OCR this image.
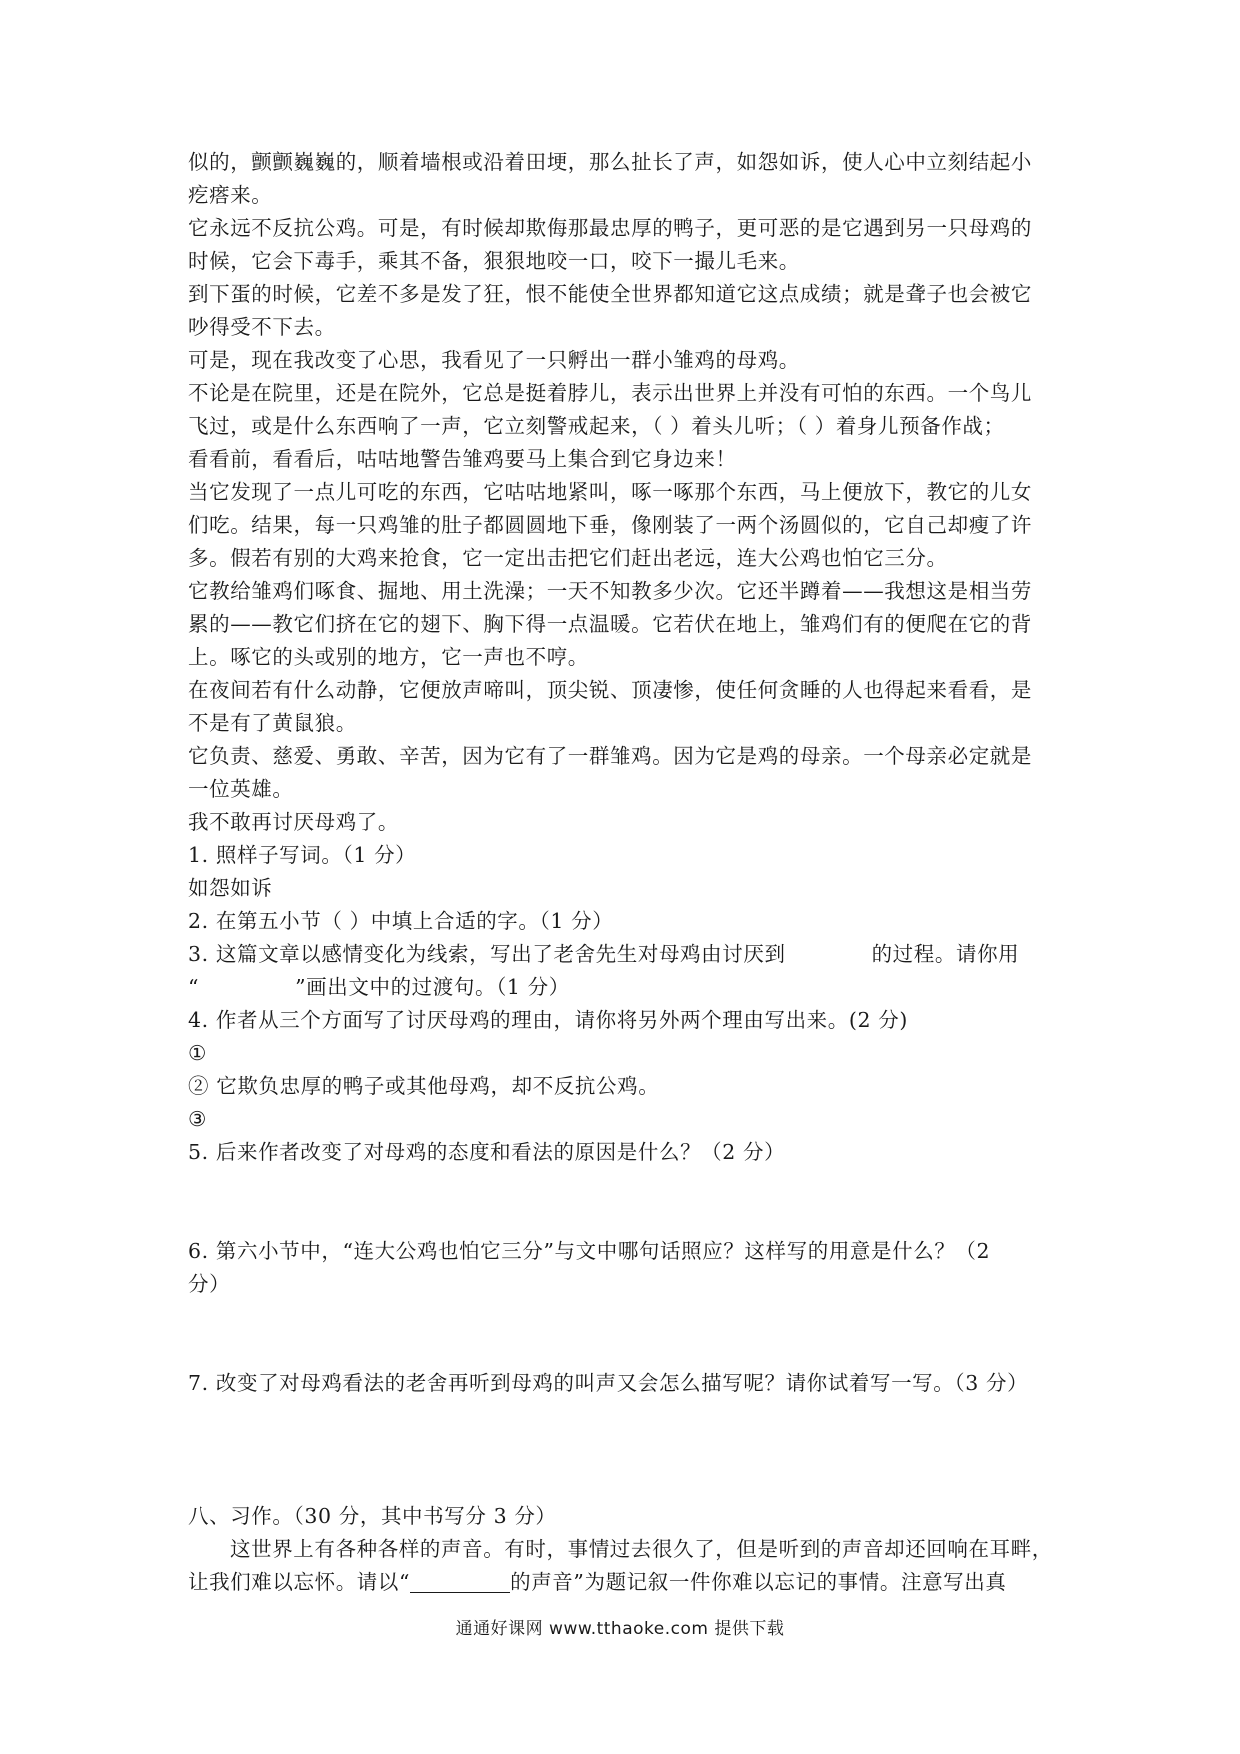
似的，颤颤巍巍的，顺着墙根或沿着田埂，那么扯长了声，如怨如诉，使人心中立刻结起小
疙瘩来。
它永远不反抗公鸡。可是，有时候却欺侮那最忠厚的鸭子，更可恶的是它遇到另一只母鸡的
时候，它会下毒手，乘其不备，狠狠地咬一口，咬下一撮儿毛来。
到下蛋的时候，它差不多是发了狂，恨不能使全世界都知道它这点成绩；就是聋子也会被它
吵得受不下去。
可是，现在我改变了心思，我看见了一只孵出一群小雏鸡的母鸡。
不论是在院里，还是在院外，它总是挺着脖儿，表示出世界上并没有可怕的东西。一个鸟儿
飞过，或是什么东西响了一声，它立刻警戒起来，（ ）着头儿听；（ ）着身儿预备作战；
看看前，看看后，咕咕地警告雏鸡要马上集合到它身边来！
当它发现了一点儿可吃的东西，它咕咕地紧叫，啄一啄那个东西，马上便放下，教它的儿女
们吃。结果，每一只鸡雏的肚子都圆圆地下垂，像刚装了一两个汤圆似的，它自己却瘦了许
多。假若有别的大鸡来抢食，它一定出击把它们赶出老远，连大公鸡也怕它三分。
它教给雏鸡们啄食、掘地、用土洗澡；一天不知教多少次。它还半蹲着——我想这是相当劳
累的——教它们挤在它的翅下、胸下得一点温暖。它若伏在地上，雏鸡们有的便爬在它的背
上。啄它的头或别的地方，它一声也不哼。
在夜间若有什么动静，它便放声啼叫，顶尖锐、顶凄惨，使任何贪睡的人也得起来看看，是
不是有了黄鼠狼。
它负责、慈爱、勇敢、辛苦，因为它有了一群雏鸡。因为它是鸡的母亲。一个母亲必定就是
一位英雄。
我不敢再讨厌母鸡了。
1. 照样子写词。（1 分）
如怨如诉
2. 在第五小节（ ）中填上合适的字。（1 分）
3. 这篇文章以感情变化为线索，写出了老舍先生对母鸡由讨厌到	的过程。请你用
“	”画出文中的过渡句。（1 分）
4. 作者从三个方面写了讨厌母鸡的理由，请你将另外两个理由写出来。(2 分)
①
② 它欺负忠厚的鸭子或其他母鸡，却不反抗公鸡。
③
5. 后来作者改变了对母鸡的态度和看法的原因是什么？（2 分）
6. 第六小节中，“连大公鸡也怕它三分”与文中哪句话照应？这样写的用意是什么？（2
分）
7. 改变了对母鸡看法的老舍再听到母鸡的叫声又会怎么描写呢？请你试着写一写。（3 分）
八、习作。（30 分，其中书写分 3 分）
这世界上有各种各样的声音。有时，事情过去很久了，但是听到的声音却还回响在耳畔，
让我们难以忘怀。请以“	的声音”为题记叙一件你难以忘记的事情。注意写出真
通通好课网 www.tthaoke.com 提供下载
